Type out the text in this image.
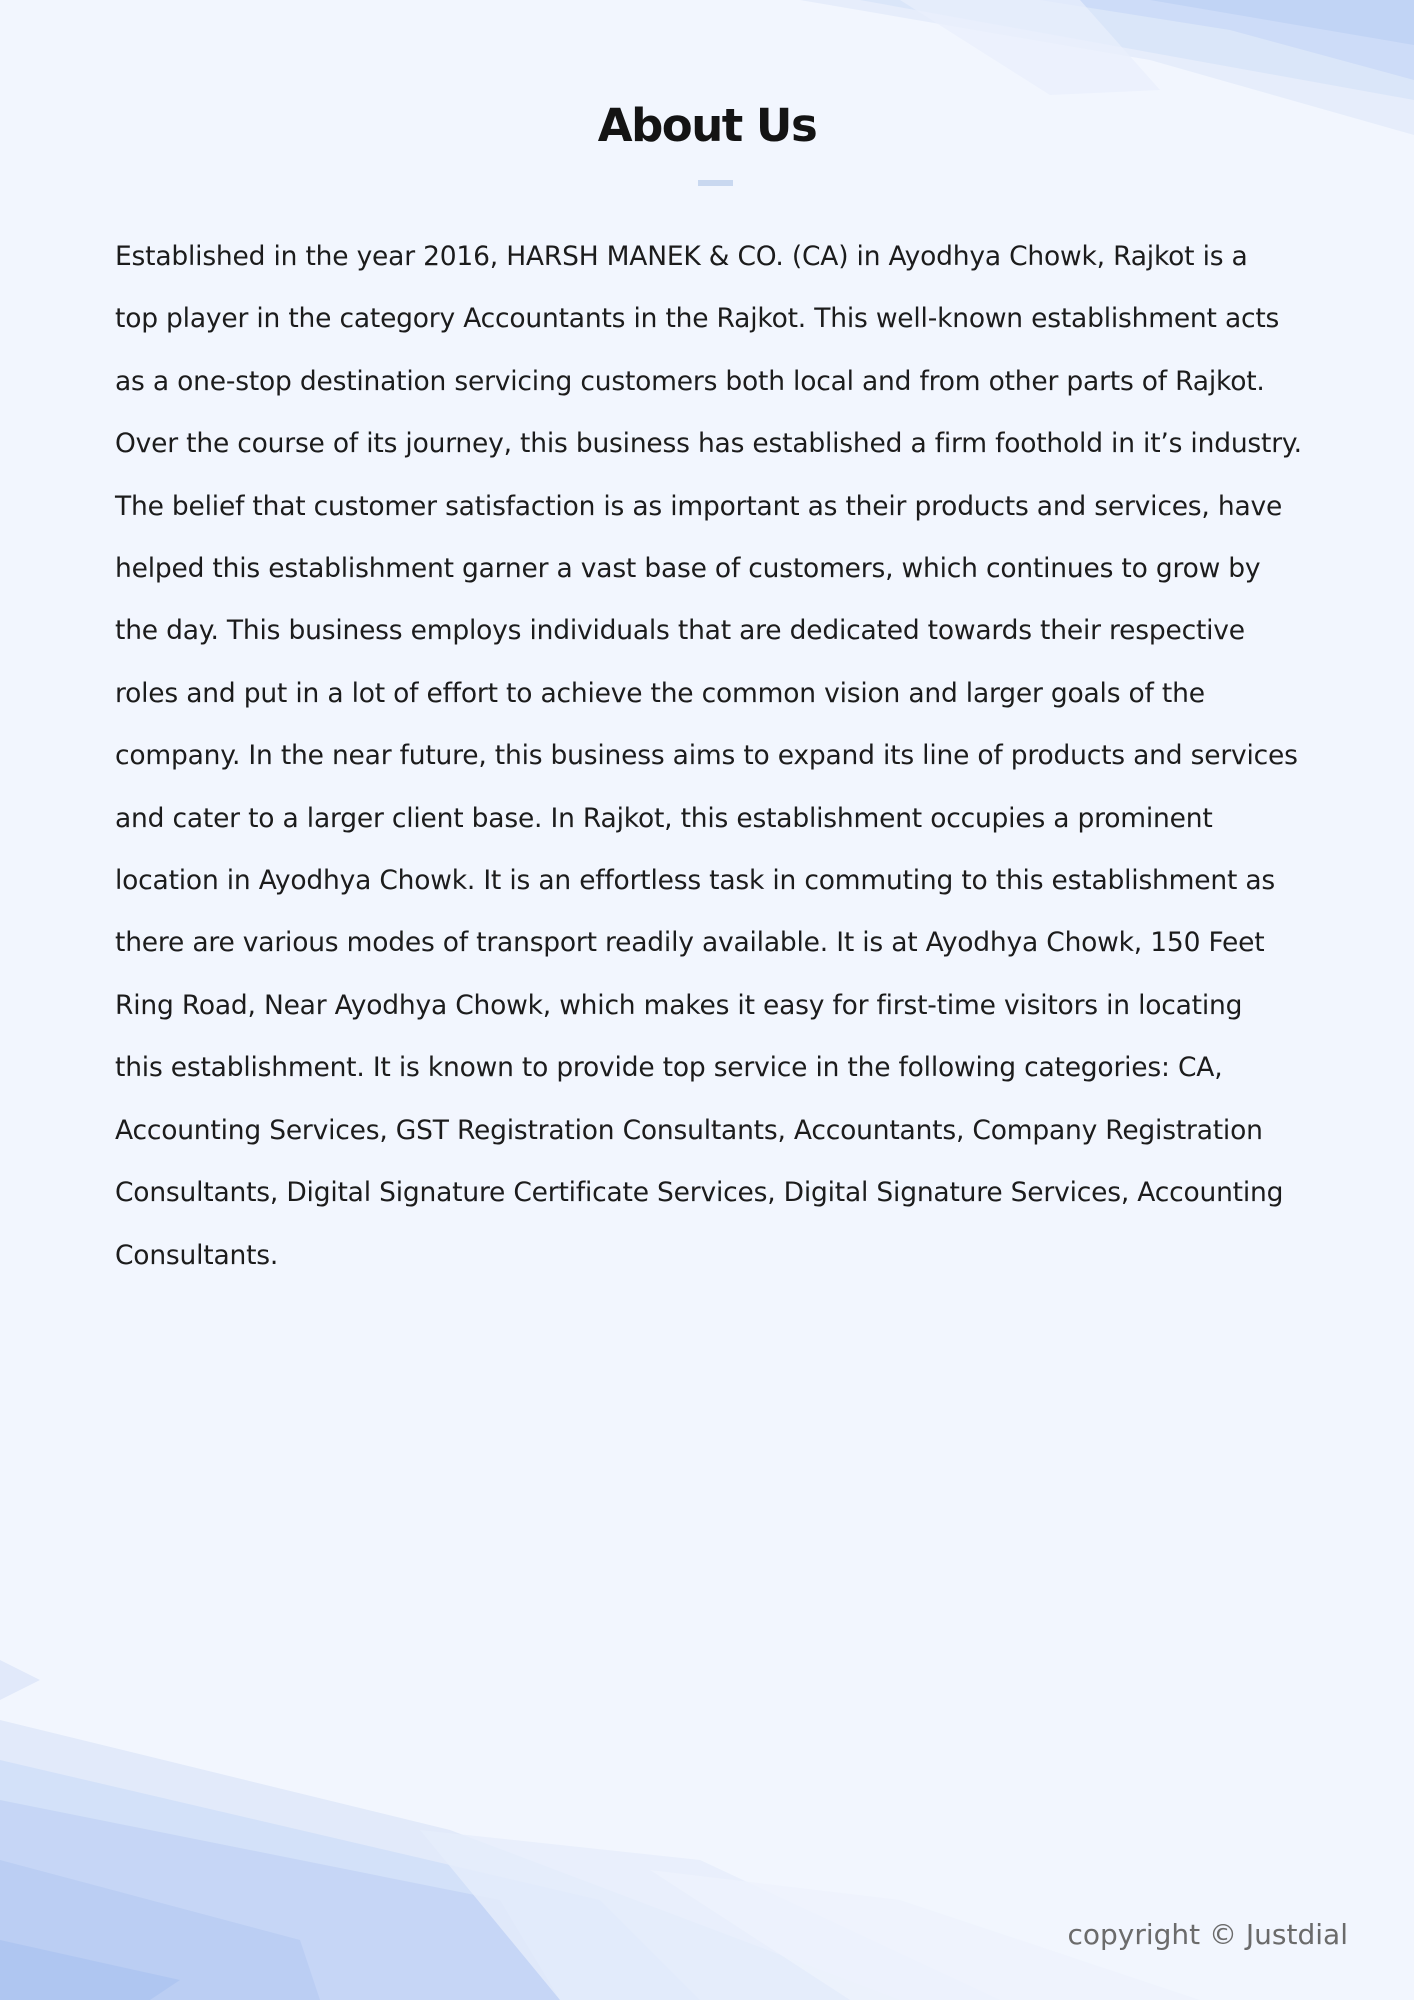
About Us

Established in the year 2016, HARSH MANEK & CO. (CA) in Ayodhya Chowk, Rajkot is a
top player in the category Accountants in the Rajkot. This well-known establishment acts
as a one-stop destination servicing customers both local and from other parts of Rajkot.
Over the course of its journey, this business has established a firm foothold in it’s industry.
The belief that customer satisfaction is as important as their products and services, have
helped this establishment garner a vast base of customers, which continues to grow by
the day. This business employs individuals that are dedicated towards their respective
roles and put in a lot of effort to achieve the common vision and larger goals of the
company. In the near future, this business aims to expand its line of products and services
and cater to a larger client base. In Rajkot, this establishment occupies a prominent
location in Ayodhya Chowk. It is an effortless task in commuting to this establishment as
there are various modes of transport readily available. It is at Ayodhya Chowk, 150 Feet
Ring Road, Near Ayodhya Chowk, which makes it easy for first-time visitors in locating
this establishment. It is known to provide top service in the following categories: CA,
Accounting Services, GST Registration Consultants, Accountants, Company Registration
Consultants, Digital Signature Certificate Services, Digital Signature Services, Accounting
Consultants.

copyright © Justdial
